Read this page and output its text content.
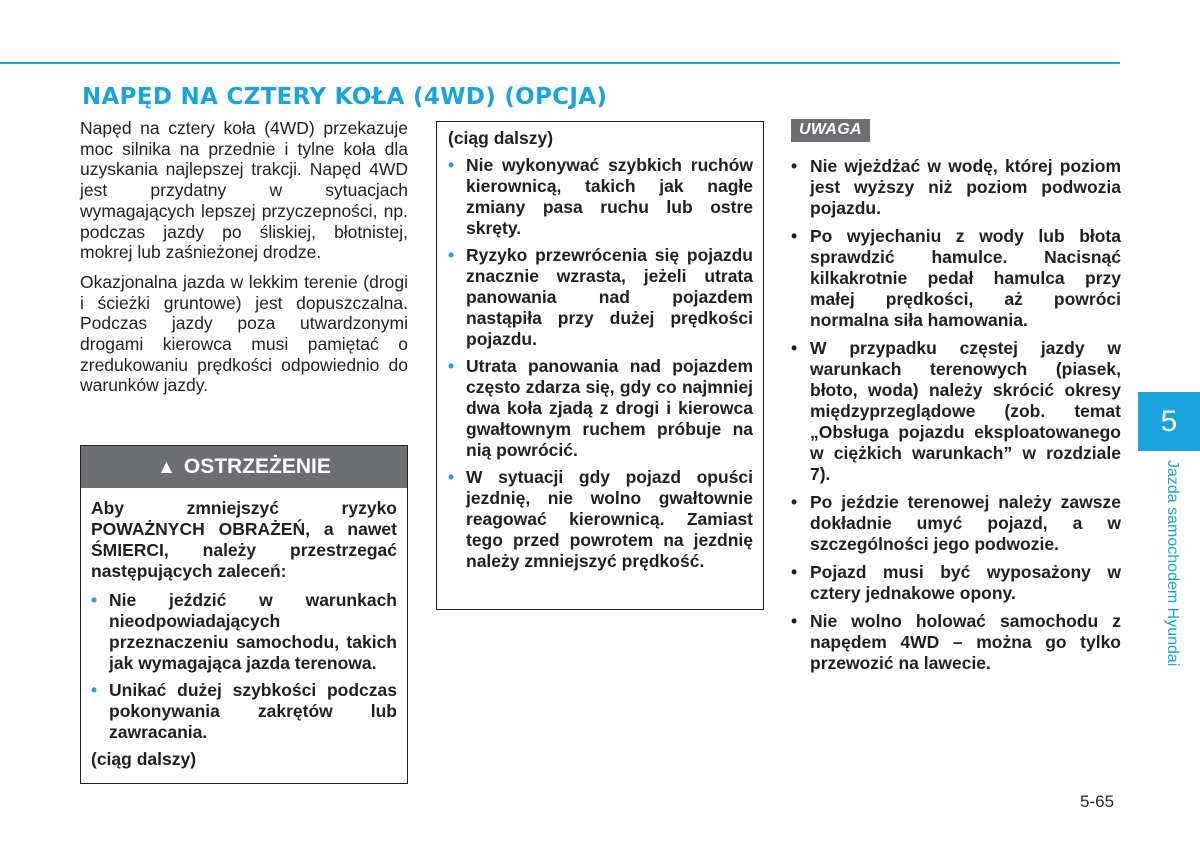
NAPĘD NA CZTERY KOŁA (4WD) (OPCJA)

Napęd na cztery koła (4WD) przekazuje moc silnika na przednie i tylne koła dla uzyskania najlepszej trakcji. Napęd 4WD jest przydatny w sytuacjach wymagających lepszej przyczepności, np. podczas jazdy po śliskiej, błotnistej, mokrej lub zaśnieżonej drodze.

Okazjonalna jazda w lekkim terenie (drogi i ścieżki gruntowe) jest dopuszczalna. Podczas jazdy poza utwardzonymi drogami kierowca musi pamiętać o zredukowaniu prędkości odpowiednio do warunków jazdy.

▲ OSTRZEŻENIE

Aby zmniejszyć ryzyko POWAŻNYCH OBRAŻEŃ, a nawet ŚMIERCI, należy przestrzegać następujących zaleceń:

• Nie jeździć w warunkach nieodpowiadających przeznaczeniu samochodu, takich jak wymagająca jazda terenowa.
• Unikać dużej szybkości podczas pokonywania zakrętów lub zawracania.

(ciąg dalszy)

(ciąg dalszy)

• Nie wykonywać szybkich ruchów kierownicą, takich jak nagłe zmiany pasa ruchu lub ostre skręty.
• Ryzyko przewrócenia się pojazdu znacznie wzrasta, jeżeli utrata panowania nad pojazdem nastąpiła przy dużej prędkości pojazdu.
• Utrata panowania nad pojazdem często zdarza się, gdy co najmniej dwa koła zjadą z drogi i kierowca gwałtownym ruchem próbuje na nią powrócić.
• W sytuacji gdy pojazd opuści jezdnię, nie wolno gwałtownie reagować kierownicą. Zamiast tego przed powrotem na jezdnię należy zmniejszyć prędkość.
UWAGA
• Nie wjeżdżać w wodę, której poziom jest wyższy niż poziom podwozia pojazdu.
• Po wyjechaniu z wody lub błota sprawdzić hamulce. Nacisnąć kilkakrotnie pedał hamulca przy małej prędkości, aż powróci normalna siła hamowania.
• W przypadku częstej jazdy w warunkach terenowych (piasek, błoto, woda) należy skrócić okresy międzyprzeglądowe (zob. temat „Obsługa pojazdu eksploatowanego w ciężkich warunkach” w rozdziale 7).
• Po jeździe terenowej należy zawsze dokładnie umyć pojazd, a w szczególności jego podwozie.
• Pojazd musi być wyposażony w cztery jednakowe opony.
• Nie wolno holować samochodu z napędem 4WD – można go tylko przewozić na lawecie.
5
Jazda samochodem Hyundai
5-65
